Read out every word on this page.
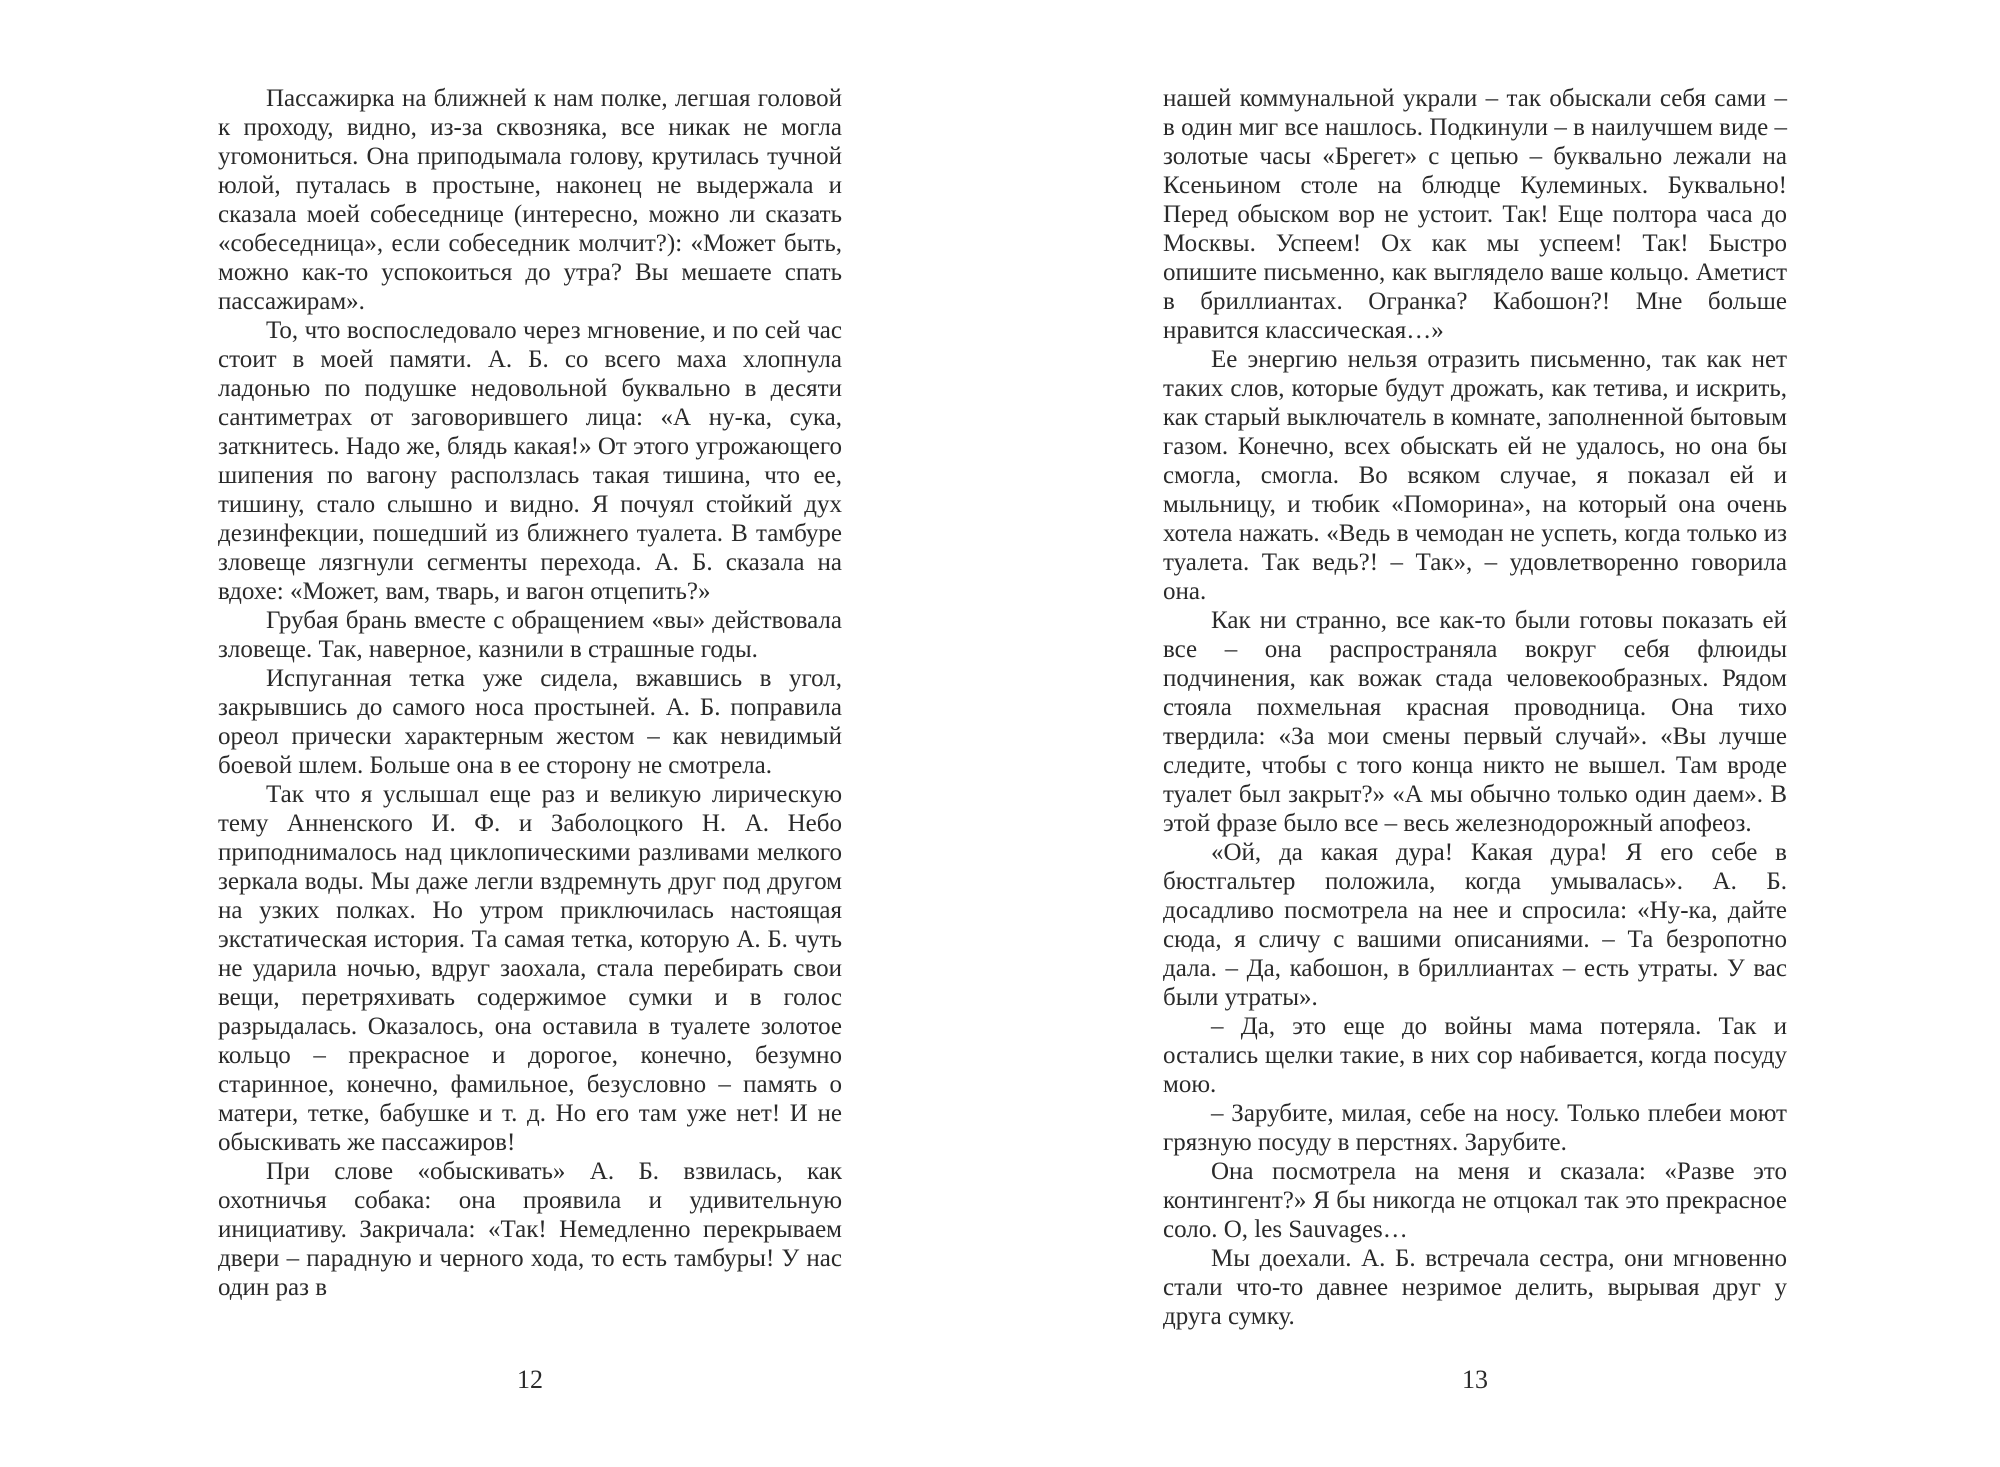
Пассажирка на ближней к нам полке, легшая головой к проходу, видно, из-за сквозняка, все никак не могла угомониться. Она приподымала голову, крутилась тучной юлой, путалась в простыне, наконец не выдержала и сказала моей собеседнице (интересно, можно ли сказать «собеседница», если собеседник молчит?): «Может быть, можно как-то успокоиться до утра? Вы мешаете спать пассажирам».

То, что воспоследовало через мгновение, и по сей час стоит в моей памяти. А. Б. со всего маха хлопнула ладонью по подушке недовольной буквально в десяти сантиметрах от заговорившего лица: «А ну-ка, сука, заткнитесь. Надо же, блядь какая!» От этого угрожающего шипения по вагону расползлась такая тишина, что ее, тишину, стало слышно и видно. Я почуял стойкий дух дезинфекции, пошедший из ближнего туалета. В тамбуре зловеще лязгнули сегменты перехода. А. Б. сказала на вдохе: «Может, вам, тварь, и вагон отцепить?»

Грубая брань вместе с обращением «вы» действовала зловеще. Так, наверное, казнили в страшные годы.

Испуганная тетка уже сидела, вжавшись в угол, закрывшись до самого носа простыней. А. Б. поправила ореол прически характерным жестом – как невидимый боевой шлем. Больше она в ее сторону не смотрела.

Так что я услышал еще раз и великую лирическую тему Анненского И. Ф. и Заболоцкого Н. А. Небо приподнималось над циклопическими разливами мелкого зеркала воды. Мы даже легли вздремнуть друг под другом на узких полках. Но утром приключилась настоящая экстатическая история. Та самая тетка, которую А. Б. чуть не ударила ночью, вдруг заохала, стала перебирать свои вещи, перетряхивать содержимое сумки и в голос разрыдалась. Оказалось, она оставила в туалете золотое кольцо – прекрасное и дорогое, конечно, безумно старинное, конечно, фамильное, безусловно – память о матери, тетке, бабушке и т. д. Но его там уже нет! И не обыскивать же пассажиров!

При слове «обыскивать» А. Б. взвилась, как охотничья собака: она проявила и удивительную инициативу. Закричала: «Так! Немедленно перекрываем двери – парадную и черного хода, то есть тамбуры! У нас один раз в

12

нашей коммунальной украли – так обыскали себя сами – в один миг все нашлось. Подкинули – в наилучшем виде – золотые часы «Брегет» с цепью – буквально лежали на Ксеньином столе на блюдце Кулеминых. Буквально! Перед обыском вор не устоит. Так! Еще полтора часа до Москвы. Успеем! Ох как мы успеем! Так! Быстро опишите письменно, как выглядело ваше кольцо. Аметист в бриллиантах. Огранка? Кабошон?! Мне больше нравится классическая…»

Ее энергию нельзя отразить письменно, так как нет таких слов, которые будут дрожать, как тетива, и искрить, как старый выключатель в комнате, заполненной бытовым газом. Конечно, всех обыскать ей не удалось, но она бы смогла, смогла. Во всяком случае, я показал ей и мыльницу, и тюбик «Поморина», на который она очень хотела нажать. «Ведь в чемодан не успеть, когда только из туалета. Так ведь?! – Так», – удовлетворенно говорила она.

Как ни странно, все как-то были готовы показать ей все – она распространяла вокруг себя флюиды подчинения, как вожак стада человекообразных. Рядом стояла похмельная красная проводница. Она тихо твердила: «За мои смены первый случай». «Вы лучше следите, чтобы с того конца никто не вышел. Там вроде туалет был закрыт?» «А мы обычно только один даем». В этой фразе было все – весь железнодорожный апофеоз.

«Ой, да какая дура! Какая дура! Я его себе в бюстгальтер положила, когда умывалась». А. Б. досадливо посмотрела на нее и спросила: «Ну-ка, дайте сюда, я сличу с вашими описаниями. – Та безропотно дала. – Да, кабошон, в бриллиантах – есть утраты. У вас были утраты».

– Да, это еще до войны мама потеряла. Так и остались щелки такие, в них сор набивается, когда посуду мою.

– Зарубите, милая, себе на носу. Только плебеи моют грязную посуду в перстнях. Зарубите.

Она посмотрела на меня и сказала: «Разве это контингент?» Я бы никогда не отцокал так это прекрасное соло. О, les Sauvages…

Мы доехали. А. Б. встречала сестра, они мгновенно стали что-то давнее незримое делить, вырывая друг у друга сумку.

13
